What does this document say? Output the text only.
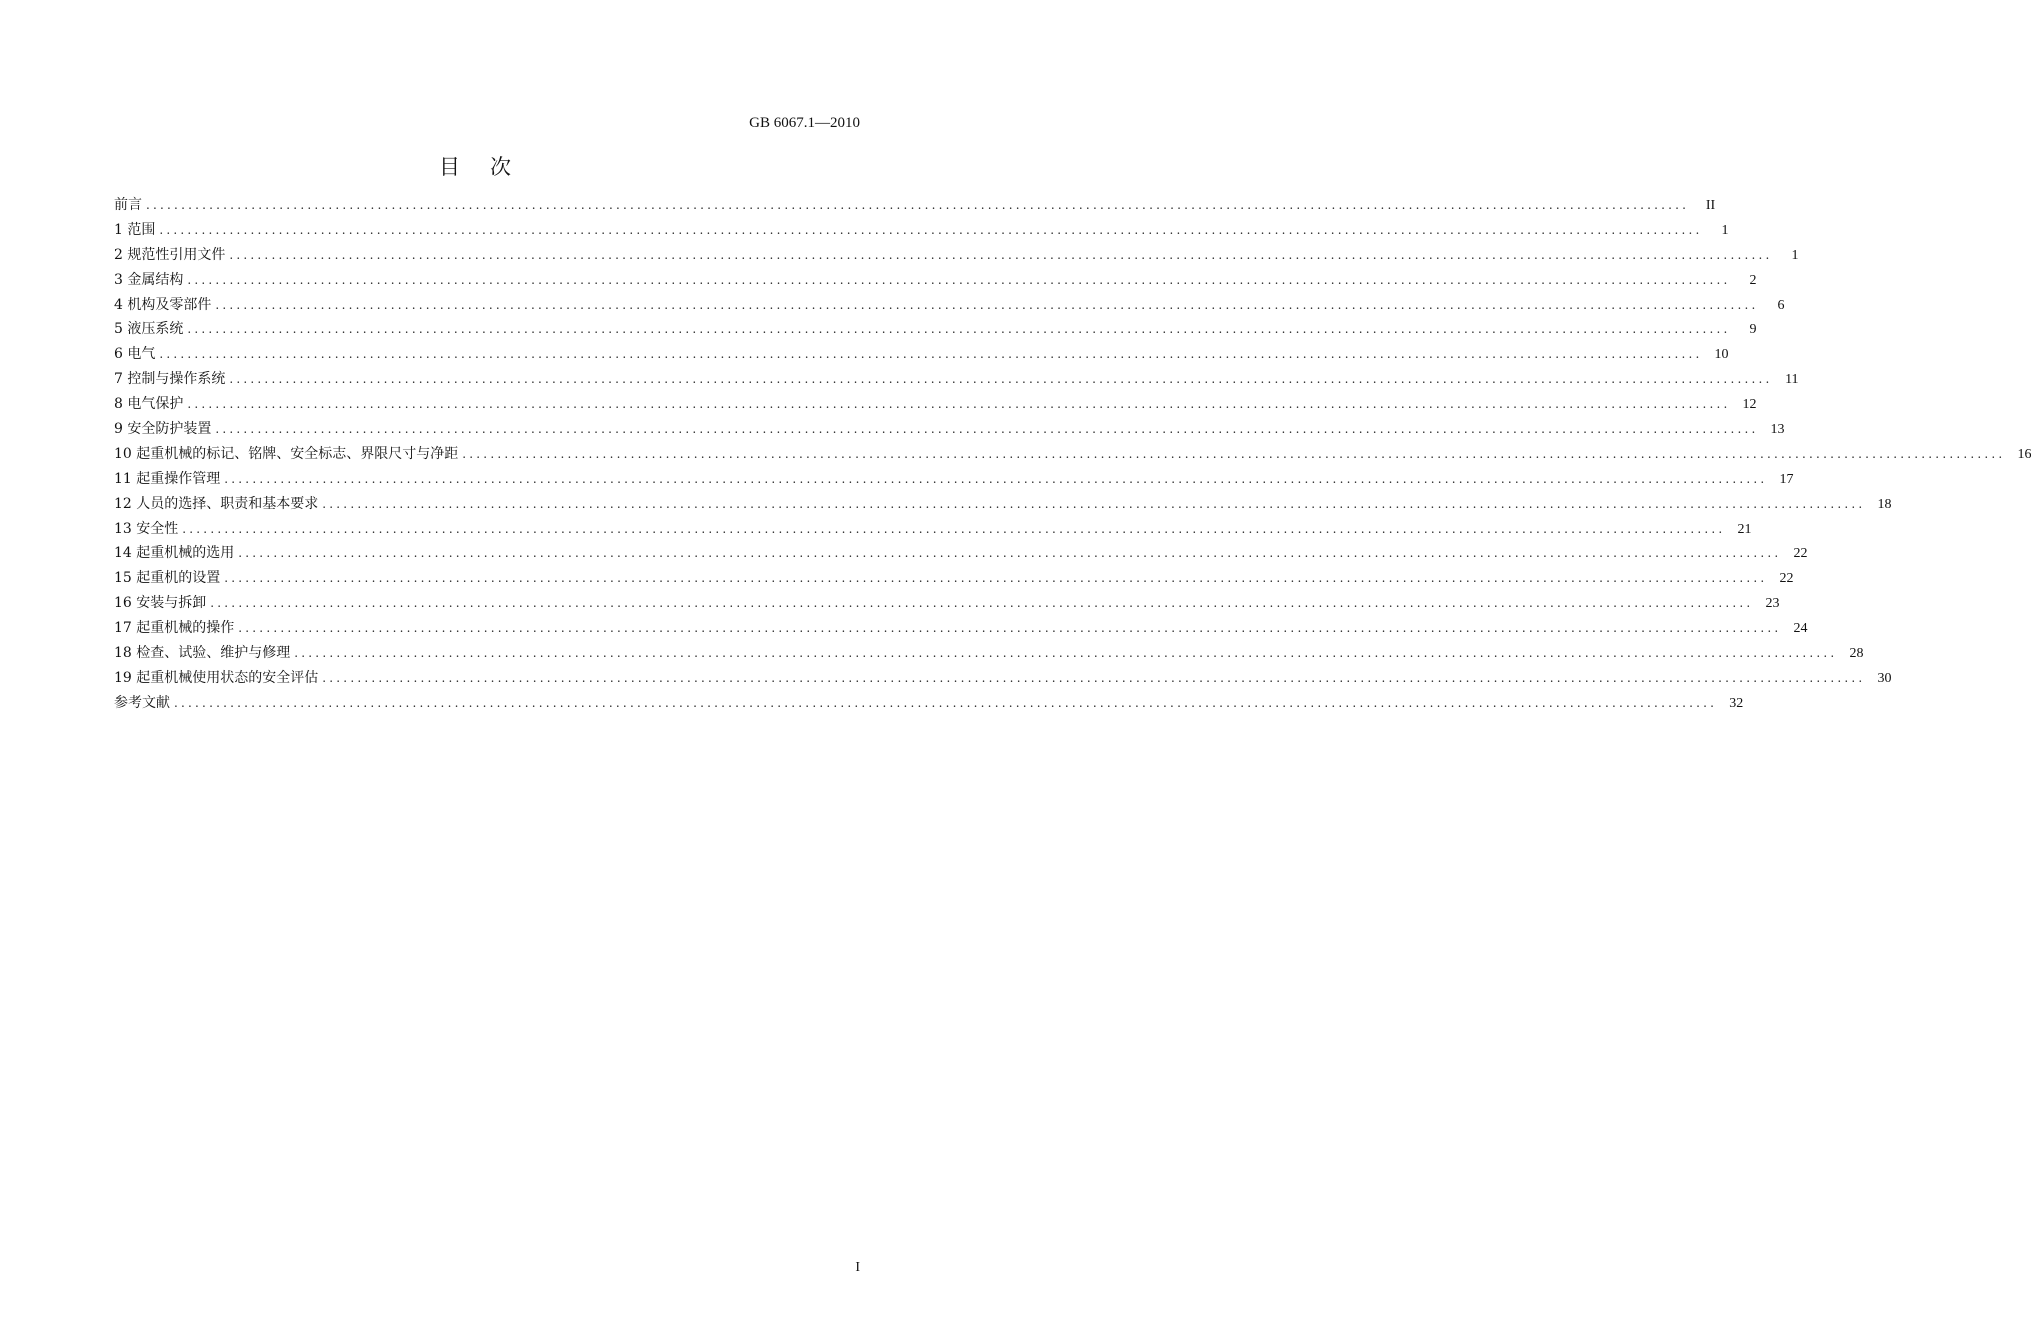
GB 6067.1—2010
目次
前言 ............................................................................................................................................................................................................................	II
1 范围 ............................................................................................................................................................................................................................	1
2 规范性引用文件 ............................................................................................................................................................................................................................	1
3 金属结构 ............................................................................................................................................................................................................................	2
4 机构及零部件 ............................................................................................................................................................................................................................	6
5 液压系统 ............................................................................................................................................................................................................................	9
6 电气 ............................................................................................................................................................................................................................ 10
7 控制与操作系统 ............................................................................................................................................................................................................................ 11
8 电气保护 ............................................................................................................................................................................................................................ 12
9 安全防护装置 ............................................................................................................................................................................................................................ 13
10 起重机械的标记、铭牌、安全标志、界限尺寸与净距 ............................................................................................................................................................................................................................ 16
11 起重操作管理 ............................................................................................................................................................................................................................ 17
12 人员的选择、职责和基本要求 ............................................................................................................................................................................................................................ 18
13 安全性 ............................................................................................................................................................................................................................ 21
14 起重机械的选用 ............................................................................................................................................................................................................................ 22
15 起重机的设置 ............................................................................................................................................................................................................................ 22
16 安装与拆卸 ............................................................................................................................................................................................................................ 23
17 起重机械的操作 ............................................................................................................................................................................................................................ 24
18 检查、试验、维护与修理 ............................................................................................................................................................................................................................ 28
19 起重机械使用状态的安全评估 ............................................................................................................................................................................................................................ 30
参考文献 ............................................................................................................................................................................................................................ 32
I
